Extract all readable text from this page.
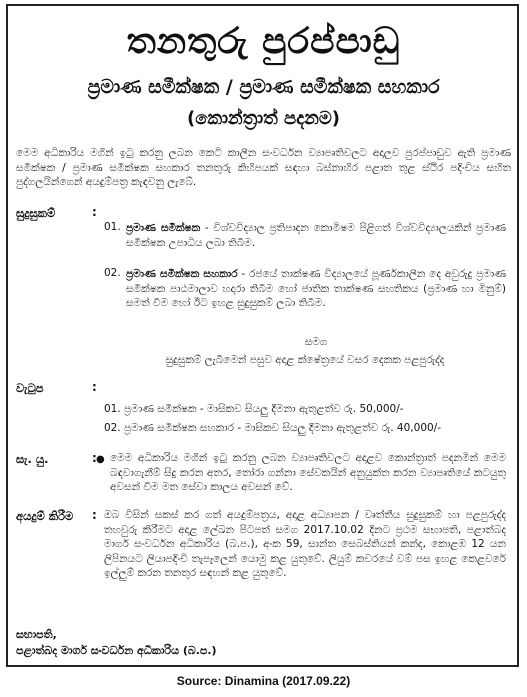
තනතුරු පුරප්පාඩු
ප්‍රමාණ සමීක්ෂක / ප්‍රමාණ සමීක්ෂක සහකාර
(කොන්ත්‍රාත් පදනම)
මෙම අධිකාරිය මගින් ඉටු කරනු ලබන කෙටි කාලීන සංවර්ධන ව්‍යාපෘතිවලට අදාලව පුරප්පාඩුව ඇති ප්‍රමාණ සමීක්ෂක / ප්‍රමාණ සමීක්ෂක සහකාර තනතුරු කිහිපයක් සඳහා බස්නාහිර පළාත තුළ ස්ථිර පදිංචිය සහිත පුද්ගලයින්ගෙන් අයදුම්පත්‍ර කැඳවනු ලැබේ.
සුදුසුකම්	:
01. ප්‍රමාණ සමීක්ෂක - විශ්වවිද්‍යාල ප්‍රතිපාදන කොමිෂම පිළිගත් විශ්වවිද්‍යාලයකින් ප්‍රමාණ සමීක්ෂක උපාධිය ලබා තිබීම.
02. ප්‍රමාණ සමීක්ෂක සහකාර - රජයේ තාක්ෂණ විද්‍යාලයේ පූර්ණකාලීන දෙ අවුරුදු ප්‍රමාණ සමීක්ෂක පාඨමාලාව හදාරා තිබීම හෝ ජාතික තාක්ෂණ සහතිකය (ප්‍රමාණ හා මිනුම්) සමත් වීම හෝ ඊට ඉහළ සුදුසුකම් ලබා තිබීම.
සමග
සුදුසුකම් ලැබීමෙන් පසුව අදාළ ක්ෂේත්‍රයේ වසර දෙකක පළපුරුද්ද
වැටුප	:
01. ප්‍රමාණ සමීක්ෂක - මාසිකව සියලු දීමනා ඇතුළත්ව රු. 50,000/-
02. ප්‍රමාණ සමීක්ෂක සහකාර - මාසිකව සියලු දීමනා ඇතුළත්ව රු. 40,000/-
සැ. යු.	: ● මෙම අධිකාරිය මගින් ඉටු කරනු ලබන ව්‍යාපෘතිවලට අදාළව කොන්ත්‍රාත් පදනමින් මෙම බඳවාගැනීම් සිදු කරන අතර, තෝරා ගන්නා සේවකයින් අනුයුක්ත කරන ව්‍යාපෘතියේ කටයුතු අවසන් වීම මත සේවා කාලය අවසන් වේ.
අයදුම් කිරීම : ඔබ විසින් සකස් කර ගත් අයදුම්පත්‍රය, අදාළ අධ්‍යාපන / වෘත්තීය සුදුසුකම් හා පළපුරුද්ද තහවුරු කිරීමට අදාළ ලේඛන පිටපත් සමග 2017.10.02 දිනට ප්‍රථම සභාපති, පළාත්බද මාර්ග සංවර්ධන අධිකාරිය (බ.ප.), අංක 59, සාන්ත සෙබස්තියන් කන්ද, කොළඹ 12 යන ලිපිනයට ලියාපදිංචි තැපෑලෙන් යොමු කළ යුතුවේ. ලියුම් කවරයේ වම් පස ඉහළ කෙළවරේ ඉල්ලුම් කරන තනතුර සඳහන් කළ යුතුවේ.
සභාපති,
පළාත්බද මාර්ග සංවර්ධන අධිකාරිය (බ.ප.)
Source: Dinamina (2017.09.22)
